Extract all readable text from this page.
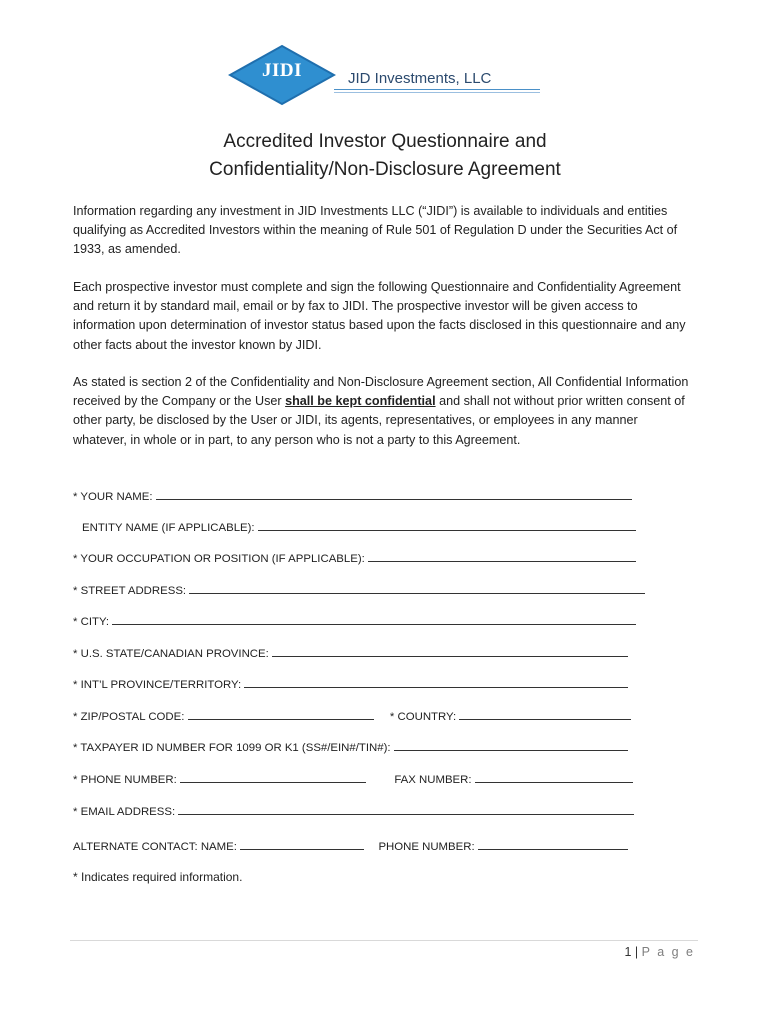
JIDI	JID Investments, LLC
Accredited Investor Questionnaire and
Confidentiality/Non-Disclosure Agreement
Information regarding any investment in JID Investments LLC (“JIDI”) is available to individuals and entities qualifying as Accredited Investors within the meaning of Rule 501 of Regulation D under the Securities Act of 1933, as amended.
Each prospective investor must complete and sign the following Questionnaire and Confidentiality Agreement and return it by standard mail, email or by fax to JIDI. The prospective investor will be given access to information upon determination of investor status based upon the facts disclosed in this questionnaire and any other facts about the investor known by JIDI.
As stated is section 2 of the Confidentiality and Non-Disclosure Agreement section, All Confidential Information received by the Company or the User shall be kept confidential and shall not without prior written consent of other party, be disclosed by the User or JIDI, its agents, representatives, or employees in any manner whatever, in whole or in part, to any person who is not a party to this Agreement.
* YOUR NAME:
ENTITY NAME (IF APPLICABLE):
* YOUR OCCUPATION OR POSITION (IF APPLICABLE):
* STREET ADDRESS:
* CITY:
* U.S. STATE/CANADIAN PROVINCE:
* INT’L PROVINCE/TERRITORY:
* ZIP/POSTAL CODE:	* COUNTRY:
* TAXPAYER ID NUMBER FOR 1099 OR K1 (SS#/EIN#/TIN#):
* PHONE NUMBER:	FAX NUMBER:
* EMAIL ADDRESS:
ALTERNATE CONTACT: NAME:	PHONE NUMBER:
* Indicates required information.
1 | P a g e
